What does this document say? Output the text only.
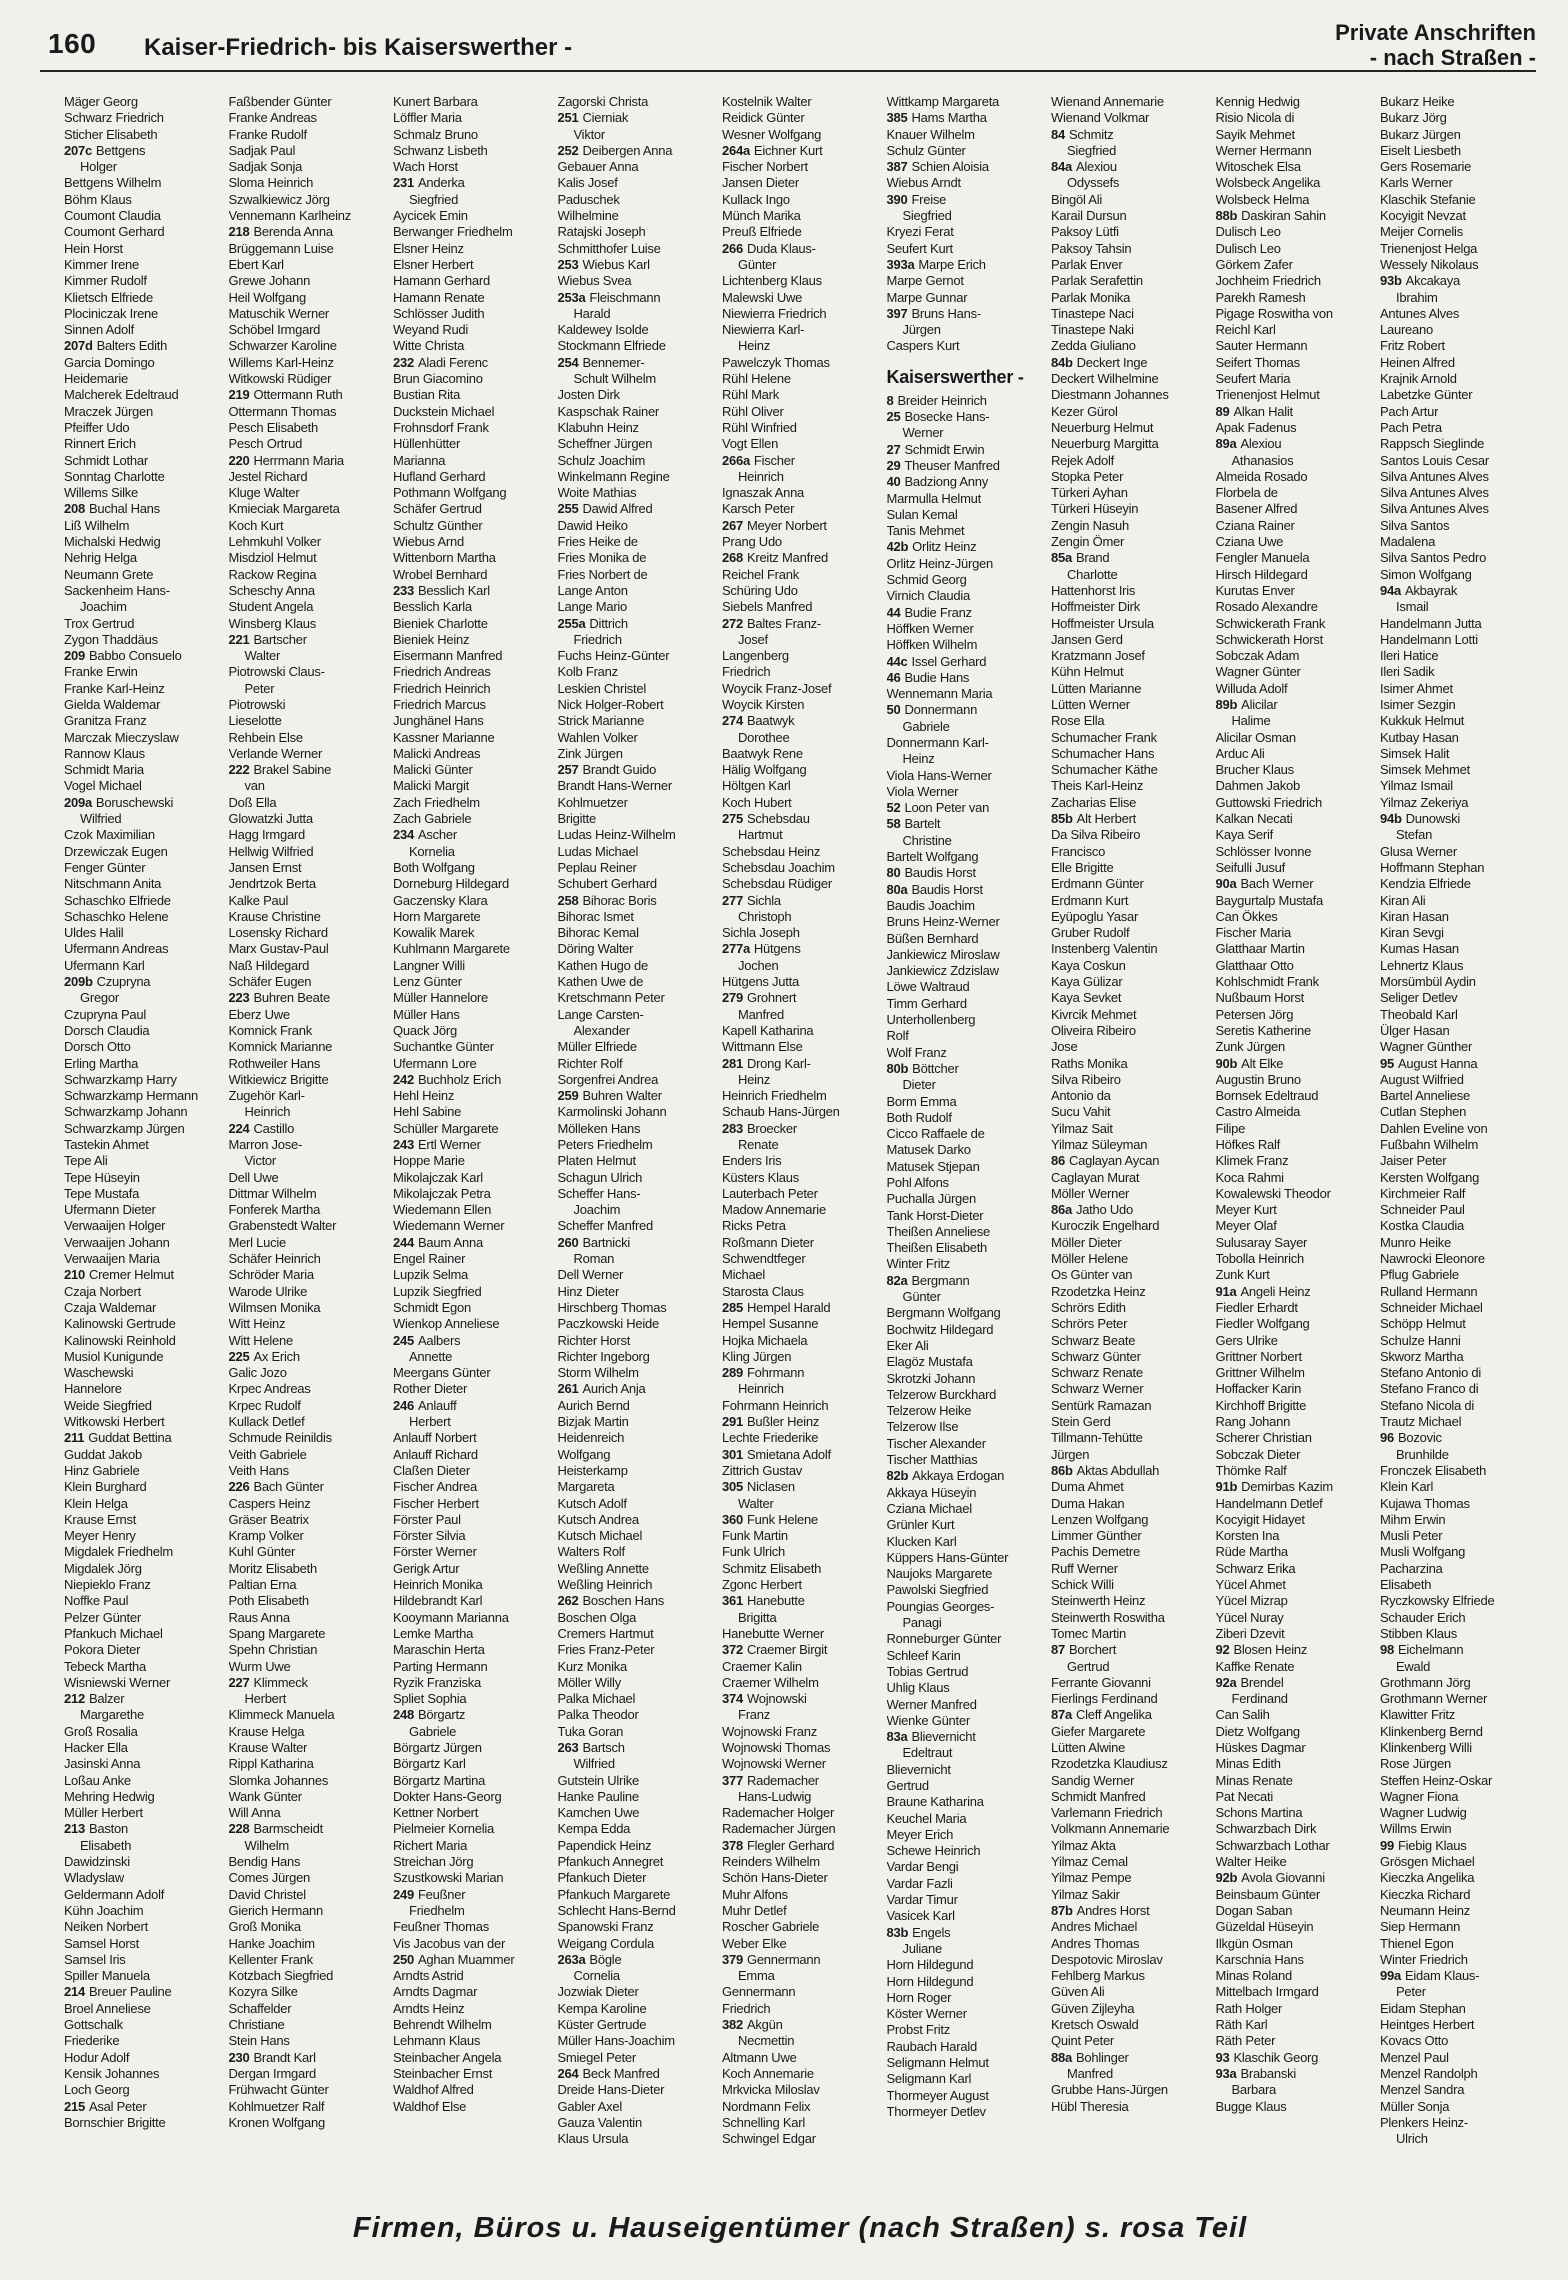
160 Kaiser-Friedrich- bis Kaiserswerther -
Private Anschriften
- nach Straßen -
Mäger Georg
Schwarz Friedrich
Sticher Elisabeth
207c Bettgens
Holger
Bettgens Wilhelm
Böhm Klaus
Coumont Claudia
Coumont Gerhard
Hein Horst
Kimmer Irene
Kimmer Rudolf
Klietsch Elfriede
Plociniczak Irene
Sinnen Adolf
207d Balters Edith
Garcia Domingo
Heidemarie
Malcherek Edeltraud
Mraczek Jürgen
Pfeiffer Udo
Rinnert Erich
Schmidt Lothar
Sonntag Charlotte
Willems Silke
208 Buchal Hans
Liß Wilhelm
Michalski Hedwig
Nehrig Helga
Neumann Grete
Sackenheim Hans-
Joachim
Trox Gertrud
Zygon Thaddäus
209 Babbo Consuelo
Franke Erwin
Franke Karl-Heinz
Gielda Waldemar
Granitza Franz
Marczak Mieczyslaw
Rannow Klaus
Schmidt Maria
Vogel Michael
209a Boruschewski
Wilfried
Czok Maximilian
Drzewiczak Eugen
Fenger Günter
Nitschmann Anita
Schaschko Elfriede
Schaschko Helene
Uldes Halil
Ufermann Andreas
Ufermann Karl
209b Czupryna
Gregor
Czupryna Paul
Dorsch Claudia
Dorsch Otto
Erling Martha
Schwarzkamp Harry
Schwarzkamp Hermann
Schwarzkamp Johann
Schwarzkamp Jürgen
Tastekin Ahmet
Tepe Ali
Tepe Hüseyin
Tepe Mustafa
Ufermann Dieter
Verwaaijen Holger
Verwaaijen Johann
Verwaaijen Maria
210 Cremer Helmut
Czaja Norbert
Czaja Waldemar
Kalinowski Gertrude
Kalinowski Reinhold
Musiol Kunigunde
Waschewski
Hannelore
Weide Siegfried
Witkowski Herbert
211 Guddat Bettina
Guddat Jakob
Hinz Gabriele
Klein Burghard
Klein Helga
Krause Ernst
Meyer Henry
Migdalek Friedhelm
Migdalek Jörg
Niepieklo Franz
Noffke Paul
Pelzer Günter
Pfankuch Michael
Pokora Dieter
Tebeck Martha
Wisniewski Werner
212 Balzer
Margarethe
Groß Rosalia
Hacker Ella
Jasinski Anna
Loßau Anke
Mehring Hedwig
Müller Herbert
213 Baston
Elisabeth
Dawidzinski
Wladyslaw
Geldermann Adolf
Kühn Joachim
Neiken Norbert
Samsel Horst
Samsel Iris
Spiller Manuela
214 Breuer Pauline
Broel Anneliese
Gottschalk
Friederike
Hodur Adolf
Kensik Johannes
Loch Georg
215 Asal Peter
Bornschier Brigitte
Faßbender Günter
Franke Andreas
Franke Rudolf
Sadjak Paul
Sadjak Sonja
Sloma Heinrich
Szwalkiewicz Jörg
Vennemann Karlheinz
218 Berenda Anna
Brüggemann Luise
Ebert Karl
Grewe Johann
Heil Wolfgang
Matuschik Werner
Schöbel Irmgard
Schwarzer Karoline
Willems Karl-Heinz
Witkowski Rüdiger
219 Ottermann Ruth
Ottermann Thomas
Pesch Elisabeth
Pesch Ortrud
220 Herrmann Maria
Jestel Richard
Kluge Walter
Kmieciak Margareta
Koch Kurt
Lehmkuhl Volker
Misdziol Helmut
Rackow Regina
Scheschy Anna
Student Angela
Winsberg Klaus
221 Bartscher
Walter
Piotrowski Claus-
Peter
Piotrowski
Lieselotte
Rehbein Else
Verlande Werner
222 Brakel Sabine
van
Doß Ella
Glowatzki Jutta
Hagg Irmgard
Hellwig Wilfried
Jansen Ernst
Jendrtzok Berta
Kalke Paul
Krause Christine
Losensky Richard
Marx Gustav-Paul
Naß Hildegard
Schäfer Eugen
223 Buhren Beate
Eberz Uwe
Komnick Frank
Komnick Marianne
Rothweiler Hans
Witkiewicz Brigitte
Zugehör Karl-
Heinrich
224 Castillo
Marron Jose-
Victor
Dell Uwe
Dittmar Wilhelm
Fonferek Martha
Grabenstedt Walter
Merl Lucie
Schäfer Heinrich
Schröder Maria
Warode Ulrike
Wilmsen Monika
Witt Heinz
Witt Helene
225 Ax Erich
Galic Jozo
Krpec Andreas
Krpec Rudolf
Kullack Detlef
Schmude Reinildis
Veith Gabriele
Veith Hans
226 Bach Günter
Caspers Heinz
Gräser Beatrix
Kramp Volker
Kuhl Günter
Moritz Elisabeth
Paltian Erna
Poth Elisabeth
Raus Anna
Spang Margarete
Spehn Christian
Wurm Uwe
227 Klimmeck
Herbert
Klimmeck Manuela
Krause Helga
Krause Walter
Rippl Katharina
Slomka Johannes
Wank Günter
Will Anna
228 Barmscheidt
Wilhelm
Bendig Hans
Comes Jürgen
David Christel
Gierich Hermann
Groß Monika
Hanke Joachim
Kellenter Frank
Kotzbach Siegfried
Kozyra Silke
Schaffelder
Christiane
Stein Hans
230 Brandt Karl
Dergan Irmgard
Frühwacht Günter
Kohlmuetzer Ralf
Kronen Wolfgang
Kunert Barbara
Löffler Maria
Schmalz Bruno
Schwanz Lisbeth
Wach Horst
231 Anderka
Siegfried
Aycicek Emin
Berwanger Friedhelm
Elsner Heinz
Elsner Herbert
Hamann Gerhard
Hamann Renate
Schlösser Judith
Weyand Rudi
Witte Christa
232 Aladi Ferenc
Brun Giacomino
Bustian Rita
Duckstein Michael
Frohnsdorf Frank
Hüllenhütter
Marianna
Hufland Gerhard
Pothmann Wolfgang
Schäfer Gertrud
Schultz Günther
Wiebus Arnd
Wittenborn Martha
Wrobel Bernhard
233 Besslich Karl
Besslich Karla
Bieniek Charlotte
Bieniek Heinz
Eisermann Manfred
Friedrich Andreas
Friedrich Heinrich
Friedrich Marcus
Junghänel Hans
Kassner Marianne
Malicki Andreas
Malicki Günter
Malicki Margit
Zach Friedhelm
Zach Gabriele
234 Ascher
Kornelia
Both Wolfgang
Dorneburg Hildegard
Gaczensky Klara
Horn Margarete
Kowalik Marek
Kuhlmann Margarete
Langner Willi
Lenz Günter
Müller Hannelore
Müller Hans
Quack Jörg
Suchantke Günter
Ufermann Lore
242 Buchholz Erich
Hehl Heinz
Hehl Sabine
Schüller Margarete
243 Ertl Werner
Hoppe Marie
Mikolajczak Karl
Mikolajczak Petra
Wiedemann Ellen
Wiedemann Werner
244 Baum Anna
Engel Rainer
Lupzik Selma
Lupzik Siegfried
Schmidt Egon
Wienkop Anneliese
245 Aalbers
Annette
Meergans Günter
Rother Dieter
246 Anlauff
Herbert
Anlauff Norbert
Anlauff Richard
Claßen Dieter
Fischer Andrea
Fischer Herbert
Förster Paul
Förster Silvia
Förster Werner
Gerigk Artur
Heinrich Monika
Hildebrandt Karl
Kooymann Marianna
Lemke Martha
Maraschin Herta
Parting Hermann
Ryzik Franziska
Spliet Sophia
248 Börgartz
Gabriele
Börgartz Jürgen
Börgartz Karl
Börgartz Martina
Dokter Hans-Georg
Kettner Norbert
Pielmeier Kornelia
Richert Maria
Streichan Jörg
Szustkowski Marian
249 Feußner
Friedhelm
Feußner Thomas
Vis Jacobus van der
250 Aghan Muammer
Arndts Astrid
Arndts Dagmar
Arndts Heinz
Behrendt Wilhelm
Lehmann Klaus
Steinbacher Angela
Steinbacher Ernst
Waldhof Alfred
Waldhof Else
Zagorski Christa
251 Cierniak
Viktor
252 Deibergen Anna
Gebauer Anna
Kalis Josef
Paduschek
Wilhelmine
Ratajski Joseph
Schmitthofer Luise
253 Wiebus Karl
Wiebus Svea
253a Fleischmann
Harald
Kaldewey Isolde
Stockmann Elfriede
254 Bennemer-
Schult Wilhelm
Josten Dirk
Kaspschak Rainer
Klabuhn Heinz
Scheffner Jürgen
Schulz Joachim
Winkelmann Regine
Woite Mathias
255 Dawid Alfred
Dawid Heiko
Fries Heike de
Fries Monika de
Fries Norbert de
Lange Anton
Lange Mario
255a Dittrich
Friedrich
Fuchs Heinz-Günter
Kolb Franz
Leskien Christel
Nick Holger-Robert
Strick Marianne
Wahlen Volker
Zink Jürgen
257 Brandt Guido
Brandt Hans-Werner
Kohlmuetzer
Brigitte
Ludas Heinz-Wilhelm
Ludas Michael
Peplau Reiner
Schubert Gerhard
258 Bihorac Boris
Bihorac Ismet
Bihorac Kemal
Döring Walter
Kathen Hugo de
Kathen Uwe de
Kretschmann Peter
Lange Carsten-
Alexander
Müller Elfriede
Richter Rolf
Sorgenfrei Andrea
259 Buhren Walter
Karmolinski Johann
Mölleken Hans
Peters Friedhelm
Platen Helmut
Schagun Ulrich
Scheffer Hans-
Joachim
Scheffer Manfred
260 Bartnicki
Roman
Dell Werner
Hinz Dieter
Hirschberg Thomas
Paczkowski Heide
Richter Horst
Richter Ingeborg
Storm Wilhelm
261 Aurich Anja
Aurich Bernd
Bizjak Martin
Heidenreich
Wolfgang
Heisterkamp
Margareta
Kutsch Adolf
Kutsch Andrea
Kutsch Michael
Walters Rolf
Weßling Annette
Weßling Heinrich
262 Boschen Hans
Boschen Olga
Cremers Hartmut
Fries Franz-Peter
Kurz Monika
Möller Willy
Palka Michael
Palka Theodor
Tuka Goran
263 Bartsch
Wilfried
Gutstein Ulrike
Hanke Pauline
Kamchen Uwe
Kempa Edda
Papendick Heinz
Pfankuch Annegret
Pfankuch Dieter
Pfankuch Margarete
Schlecht Hans-Bernd
Spanowski Franz
Weigang Cordula
263a Bögle
Cornelia
Jozwiak Dieter
Kempa Karoline
Küster Gertrude
Müller Hans-Joachim
Smiegel Peter
264 Beck Manfred
Dreide Hans-Dieter
Gabler Axel
Gauza Valentin
Klaus Ursula
Kostelnik Walter
Reidick Günter
Wesner Wolfgang
264a Eichner Kurt
Fischer Norbert
Jansen Dieter
Kullack Ingo
Münch Marika
Preuß Elfriede
266 Duda Klaus-
Günter
Lichtenberg Klaus
Malewski Uwe
Niewierra Friedrich
Niewierra Karl-
Heinz
Pawelczyk Thomas
Rühl Helene
Rühl Mark
Rühl Oliver
Rühl Winfried
Vogt Ellen
266a Fischer
Heinrich
Ignaszak Anna
Karsch Peter
267 Meyer Norbert
Prang Udo
268 Kreitz Manfred
Reichel Frank
Schüring Udo
Siebels Manfred
272 Baltes Franz-
Josef
Langenberg
Friedrich
Woycik Franz-Josef
Woycik Kirsten
274 Baatwyk
Dorothee
Baatwyk Rene
Hälig Wolfgang
Höltgen Karl
Koch Hubert
275 Schebsdau
Hartmut
Schebsdau Heinz
Schebsdau Joachim
Schebsdau Rüdiger
277 Sichla
Christoph
Sichla Joseph
277a Hütgens
Jochen
Hütgens Jutta
279 Grohnert
Manfred
Kapell Katharina
Wittmann Else
281 Drong Karl-
Heinz
Heinrich Friedhelm
Schaub Hans-Jürgen
283 Broecker
Renate
Enders Iris
Küsters Klaus
Lauterbach Peter
Madow Annemarie
Ricks Petra
Roßmann Dieter
Schwendtfeger
Michael
Starosta Claus
285 Hempel Harald
Hempel Susanne
Hojka Michaela
Kling Jürgen
289 Fohrmann
Heinrich
Fohrmann Heinrich
291 Bußler Heinz
Lechte Friederike
301 Smietana Adolf
Zittrich Gustav
305 Niclasen
Walter
360 Funk Helene
Funk Martin
Funk Ulrich
Schmitz Elisabeth
Zgonc Herbert
361 Hanebutte
Brigitta
Hanebutte Werner
372 Craemer Birgit
Craemer Kalin
Craemer Wilhelm
374 Wojnowski
Franz
Wojnowski Franz
Wojnowski Thomas
Wojnowski Werner
377 Rademacher
Hans-Ludwig
Rademacher Holger
Rademacher Jürgen
378 Flegler Gerhard
Reinders Wilhelm
Schön Hans-Dieter
Muhr Alfons
Muhr Detlef
Roscher Gabriele
Weber Elke
379 Gennermann
Emma
Gennermann
Friedrich
382 Akgün
Necmettin
Altmann Uwe
Koch Annemarie
Mrkvicka Miloslav
Nordmann Felix
Schnelling Karl
Schwingel Edgar
Wittkamp Margareta
385 Hams Martha
Knauer Wilhelm
Schulz Günter
387 Schien Aloisia
Wiebus Arndt
390 Freise
Siegfried
Kryezi Ferat
Seufert Kurt
393a Marpe Erich
Marpe Gernot
Marpe Gunnar
397 Bruns Hans-
Jürgen
Caspers Kurt
Kaiserswerther -
8 Breider Heinrich
25 Bosecke Hans-
Werner
27 Schmidt Erwin
29 Theuser Manfred
40 Badziong Anny
Marmulla Helmut
Sulan Kemal
Tanis Mehmet
42b Orlitz Heinz
Orlitz Heinz-Jürgen
Schmid Georg
Virnich Claudia
44 Budie Franz
Höffken Werner
Höffken Wilhelm
44c Issel Gerhard
46 Budie Hans
Wennemann Maria
50 Donnermann
Gabriele
Donnermann Karl-
Heinz
Viola Hans-Werner
Viola Werner
52 Loon Peter van
58 Bartelt
Christine
Bartelt Wolfgang
80 Baudis Horst
80a Baudis Horst
Baudis Joachim
Bruns Heinz-Werner
Büßen Bernhard
Jankiewicz Miroslaw
Jankiewicz Zdzislaw
Löwe Waltraud
Timm Gerhard
Unterhollenberg
Rolf
Wolf Franz
80b Böttcher
Dieter
Borm Emma
Both Rudolf
Cicco Raffaele de
Matusek Darko
Matusek Stjepan
Pohl Alfons
Puchalla Jürgen
Tank Horst-Dieter
Theißen Anneliese
Theißen Elisabeth
Winter Fritz
82a Bergmann
Günter
Bergmann Wolfgang
Bochwitz Hildegard
Eker Ali
Elagöz Mustafa
Skrotzki Johann
Telzerow Burckhard
Telzerow Heike
Telzerow Ilse
Tischer Alexander
Tischer Matthias
82b Akkaya Erdogan
Akkaya Hüseyin
Cziana Michael
Grünler Kurt
Klucken Karl
Küppers Hans-Günter
Naujoks Margarete
Pawolski Siegfried
Poungias Georges-
Panagi
Ronneburger Günter
Schleef Karin
Tobias Gertrud
Uhlig Klaus
Werner Manfred
Wienke Günter
83a Blievernicht
Edeltraut
Blievernicht
Gertrud
Braune Katharina
Keuchel Maria
Meyer Erich
Schewe Heinrich
Vardar Bengi
Vardar Fazli
Vardar Timur
Vasicek Karl
83b Engels
Juliane
Horn Hildegund
Horn Hildegund
Horn Roger
Köster Werner
Probst Fritz
Raubach Harald
Seligmann Helmut
Seligmann Karl
Thormeyer August
Thormeyer Detlev
Wienand Annemarie
Wienand Volkmar
84 Schmitz
Siegfried
84a Alexiou
Odyssefs
Bingöl Ali
Karail Dursun
Paksoy Lütfi
Paksoy Tahsin
Parlak Enver
Parlak Serafettin
Parlak Monika
Tinastepe Naci
Tinastepe Naki
Zedda Giuliano
84b Deckert Inge
Deckert Wilhelmine
Diestmann Johannes
Kezer Gürol
Neuerburg Helmut
Neuerburg Margitta
Rejek Adolf
Stopka Peter
Türkeri Ayhan
Türkeri Hüseyin
Zengin Nasuh
Zengin Ömer
85a Brand
Charlotte
Hattenhorst Iris
Hoffmeister Dirk
Hoffmeister Ursula
Jansen Gerd
Kratzmann Josef
Kühn Helmut
Lütten Marianne
Lütten Werner
Rose Ella
Schumacher Frank
Schumacher Hans
Schumacher Käthe
Theis Karl-Heinz
Zacharias Elise
85b Alt Herbert
Da Silva Ribeiro
Francisco
Elle Brigitte
Erdmann Günter
Erdmann Kurt
Eyüpoglu Yasar
Gruber Rudolf
Instenberg Valentin
Kaya Coskun
Kaya Gülizar
Kaya Sevket
Kivrcik Mehmet
Oliveira Ribeiro
Jose
Raths Monika
Silva Ribeiro
Antonio da
Sucu Vahit
Yilmaz Sait
Yilmaz Süleyman
86 Caglayan Aycan
Caglayan Murat
Möller Werner
86a Jatho Udo
Kuroczik Engelhard
Möller Dieter
Möller Helene
Os Günter van
Rzodetzka Heinz
Schrörs Edith
Schrörs Peter
Schwarz Beate
Schwarz Günter
Schwarz Renate
Schwarz Werner
Sentürk Ramazan
Stein Gerd
Tillmann-Tehütte
Jürgen
86b Aktas Abdullah
Duma Ahmet
Duma Hakan
Lenzen Wolfgang
Limmer Günther
Pachis Demetre
Ruff Werner
Schick Willi
Steinwerth Heinz
Steinwerth Roswitha
Tomec Martin
87 Borchert
Gertrud
Ferrante Giovanni
Fierlings Ferdinand
87a Cleff Angelika
Giefer Margarete
Lütten Alwine
Rzodetzka Klaudiusz
Sandig Werner
Schmidt Manfred
Varlemann Friedrich
Volkmann Annemarie
Yilmaz Akta
Yilmaz Cemal
Yilmaz Pempe
Yilmaz Sakir
87b Andres Horst
Andres Michael
Andres Thomas
Despotovic Miroslav
Fehlberg Markus
Güven Ali
Güven Zijleyha
Kretsch Oswald
Quint Peter
88a Bohlinger
Manfred
Grubbe Hans-Jürgen
Hübl Theresia
Kennig Hedwig
Risio Nicola di
Sayik Mehmet
Werner Hermann
Witoschek Elsa
Wolsbeck Angelika
Wolsbeck Helma
88b Daskiran Sahin
Dulisch Leo
Dulisch Leo
Görkem Zafer
Jochheim Friedrich
Parekh Ramesh
Pigage Roswitha von
Reichl Karl
Sauter Hermann
Seifert Thomas
Seufert Maria
Trienenjost Helmut
89 Alkan Halit
Apak Fadenus
89a Alexiou
Athanasios
Almeida Rosado
Florbela de
Basener Alfred
Cziana Rainer
Cziana Uwe
Fengler Manuela
Hirsch Hildegard
Kurutas Enver
Rosado Alexandre
Schwickerath Frank
Schwickerath Horst
Sobczak Adam
Wagner Günter
Willuda Adolf
89b Alicilar
Halime
Alicilar Osman
Arduc Ali
Brucher Klaus
Dahmen Jakob
Guttowski Friedrich
Kalkan Necati
Kaya Serif
Schlösser Ivonne
Seifulli Jusuf
90a Bach Werner
Baygurtalp Mustafa
Can Ökkes
Fischer Maria
Glatthaar Martin
Glatthaar Otto
Kohlschmidt Frank
Nußbaum Horst
Petersen Jörg
Seretis Katherine
Zunk Jürgen
90b Alt Elke
Augustin Bruno
Bornsek Edeltraud
Castro Almeida
Filipe
Höfkes Ralf
Klimek Franz
Koca Rahmi
Kowalewski Theodor
Meyer Kurt
Meyer Olaf
Sulusaray Sayer
Tobolla Heinrich
Zunk Kurt
91a Angeli Heinz
Fiedler Erhardt
Fiedler Wolfgang
Gers Ulrike
Grittner Norbert
Grittner Wilhelm
Hoffacker Karin
Kirchhoff Brigitte
Rang Johann
Scherer Christian
Sobczak Dieter
Thömke Ralf
91b Demirbas Kazim
Handelmann Detlef
Kocyigit Hidayet
Korsten Ina
Rüde Martha
Schwarz Erika
Yücel Ahmet
Yücel Mizrap
Yücel Nuray
Ziberi Dzevit
92 Blosen Heinz
Kaffke Renate
92a Brendel
Ferdinand
Can Salih
Dietz Wolfgang
Hüskes Dagmar
Minas Edith
Minas Renate
Pat Necati
Schons Martina
Schwarzbach Dirk
Schwarzbach Lothar
Walter Heike
92b Avola Giovanni
Beinsbaum Günter
Dogan Saban
Güzeldal Hüseyin
Ilkgün Osman
Karschnia Hans
Minas Roland
Mittelbach Irmgard
Rath Holger
Räth Karl
Räth Peter
93 Klaschik Georg
93a Brabanski
Barbara
Bugge Klaus
Bukarz Heike
Bukarz Jörg
Bukarz Jürgen
Eiselt Liesbeth
Gers Rosemarie
Karls Werner
Klaschik Stefanie
Kocyigit Nevzat
Meijer Cornelis
Trienenjost Helga
Wessely Nikolaus
93b Akcakaya
Ibrahim
Antunes Alves
Laureano
Fritz Robert
Heinen Alfred
Krajnik Arnold
Labetzke Günter
Pach Artur
Pach Petra
Rappsch Sieglinde
Santos Louis Cesar
Silva Antunes Alves
Silva Antunes Alves
Silva Antunes Alves
Silva Santos
Madalena
Silva Santos Pedro
Simon Wolfgang
94a Akbayrak
Ismail
Handelmann Jutta
Handelmann Lotti
Ileri Hatice
Ileri Sadik
Isimer Ahmet
Isimer Sezgin
Kukkuk Helmut
Kutbay Hasan
Simsek Halit
Simsek Mehmet
Yilmaz Ismail
Yilmaz Zekeriya
94b Dunowski
Stefan
Glusa Werner
Hoffmann Stephan
Kendzia Elfriede
Kiran Ali
Kiran Hasan
Kiran Sevgi
Kumas Hasan
Lehnertz Klaus
Morsümbül Aydin
Seliger Detlev
Theobald Karl
Ülger Hasan
Wagner Günther
95 August Hanna
August Wilfried
Bartel Anneliese
Cutlan Stephen
Dahlen Eveline von
Fußbahn Wilhelm
Jaiser Peter
Kersten Wolfgang
Kirchmeier Ralf
Schneider Paul
Kostka Claudia
Munro Heike
Nawrocki Eleonore
Pflug Gabriele
Rulland Hermann
Schneider Michael
Schöpp Helmut
Schulze Hanni
Skworz Martha
Stefano Antonio di
Stefano Franco di
Stefano Nicola di
Trautz Michael
96 Bozovic
Brunhilde
Fronczek Elisabeth
Klein Karl
Kujawa Thomas
Mihm Erwin
Musli Peter
Musli Wolfgang
Pacharzina
Elisabeth
Ryczkowsky Elfriede
Schauder Erich
Stibben Klaus
98 Eichelmann
Ewald
Grothmann Jörg
Grothmann Werner
Klawitter Fritz
Klinkenberg Bernd
Klinkenberg Willi
Rose Jürgen
Steffen Heinz-Oskar
Wagner Fiona
Wagner Ludwig
Willms Erwin
99 Fiebig Klaus
Grösgen Michael
Kieczka Angelika
Kieczka Richard
Neumann Heinz
Siep Hermann
Thienel Egon
Winter Friedrich
99a Eidam Klaus-
Peter
Eidam Stephan
Heintges Herbert
Kovacs Otto
Menzel Paul
Menzel Randolph
Menzel Sandra
Müller Sonja
Plenkers Heinz-
Ulrich
Firmen, Büros u. Hauseigentümer (nach Straßen) s. rosa Teil
